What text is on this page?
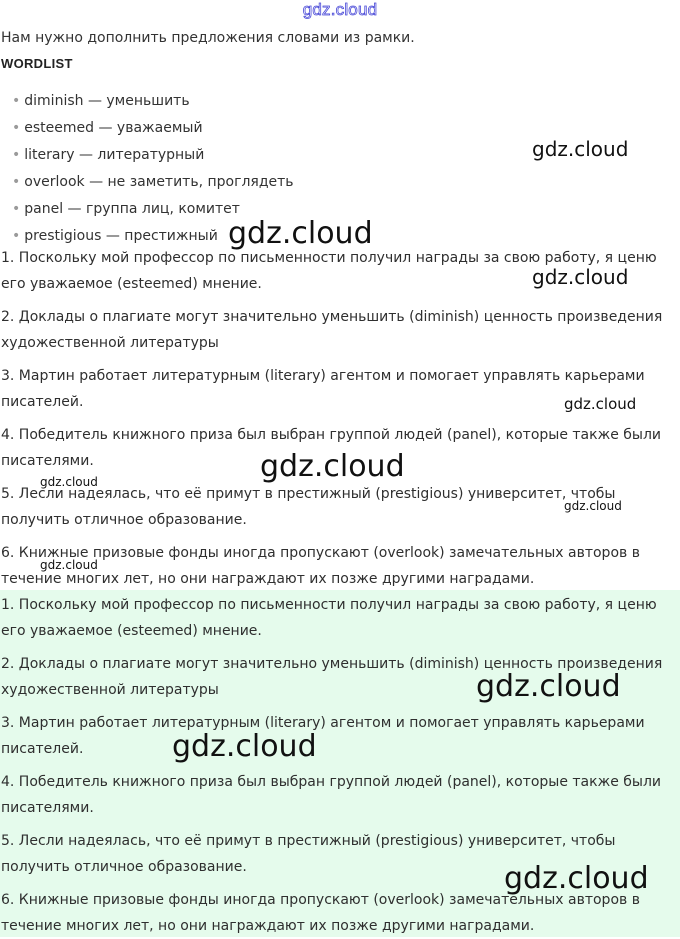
gdz.cloud
Нам нужно дополнить предложения словами из рамки.
WORDLIST
• diminish — уменьшить
• esteemed — уважаемый
• literary — литературный
• overlook — не заметить, проглядеть
• panel — группа лиц, комитет
• prestigious — престижный

1. Поскольку мой профессор по письменности получил награды за свою работу, я ценю его уважаемое (esteemed) мнение.

2. Доклады о плагиате могут значительно уменьшить (diminish) ценность произведения художественной литературы

3. Мартин работает литературным (literary) агентом и помогает управлять карьерами писателей.

4. Победитель книжного приза был выбран группой людей (panel), которые также были писателями.

5. Лесли надеялась, что её примут в престижный (prestigious) университет, чтобы получить отличное образование.

6. Книжные призовые фонды иногда пропускают (overlook) замечательных авторов в течение многих лет, но они награждают их позже другими наградами.

1. Поскольку мой профессор по письменности получил награды за свою работу, я ценю его уважаемое (esteemed) мнение.

2. Доклады о плагиате могут значительно уменьшить (diminish) ценность произведения художественной литературы

3. Мартин работает литературным (literary) агентом и помогает управлять карьерами писателей.

4. Победитель книжного приза был выбран группой людей (panel), которые также были писателями.

5. Лесли надеялась, что её примут в престижный (prestigious) университет, чтобы получить отличное образование.

6. Книжные призовые фонды иногда пропускают (overlook) замечательных авторов в течение многих лет, но они награждают их позже другими наградами.

gdz.cloud
gdz.cloud
gdz.cloud
gdz.cloud
gdz.cloud
gdz.cloud
gdz.cloud
gdz.cloud
gdz.cloud
gdz.cloud
gdz.cloud
